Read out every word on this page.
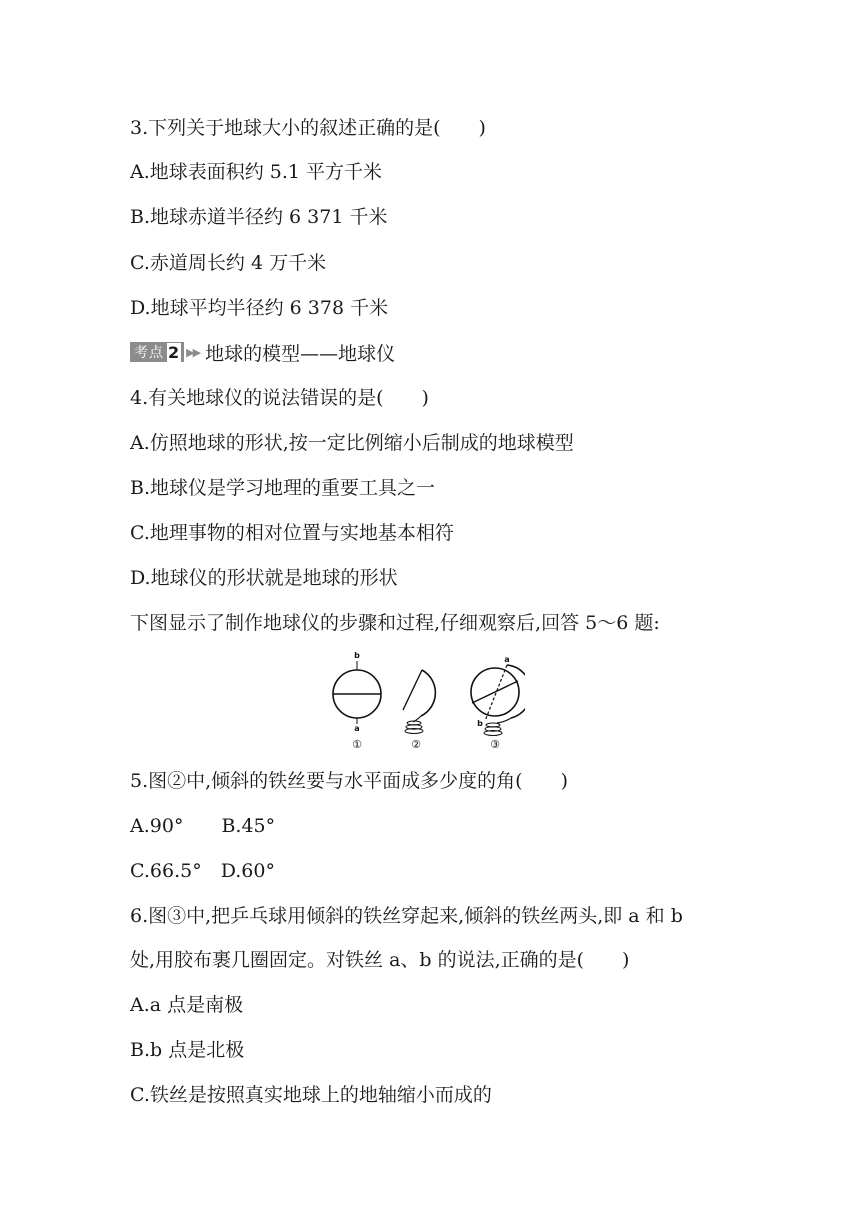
3.下列关于地球大小的叙述正确的是(　　)
A.地球表面积约 5.1 平方千米
B.地球赤道半径约 6 371 千米
C.赤道周长约 4 万千米
D.地球平均半径约 6 378 千米
考点 2 ▶▶ 地球的模型——地球仪
4.有关地球仪的说法错误的是(　　)
A.仿照地球的形状,按一定比例缩小后制成的地球模型
B.地球仪是学习地理的重要工具之一
C.地理事物的相对位置与实地基本相符
D.地球仪的形状就是地球的形状
下图显示了制作地球仪的步骤和过程,仔细观察后,回答 5～6 题:
b
a
①	②
a
b
③
5.图②中,倾斜的铁丝要与水平面成多少度的角(　　)
A.90°　　B.45°
C.66.5°　D.60°
6.图③中,把乒乓球用倾斜的铁丝穿起来,倾斜的铁丝两头,即 a 和 b
处,用胶布裹几圈固定。对铁丝 a、b 的说法,正确的是(　　)
A.a 点是南极
B.b 点是北极
C.铁丝是按照真实地球上的地轴缩小而成的
